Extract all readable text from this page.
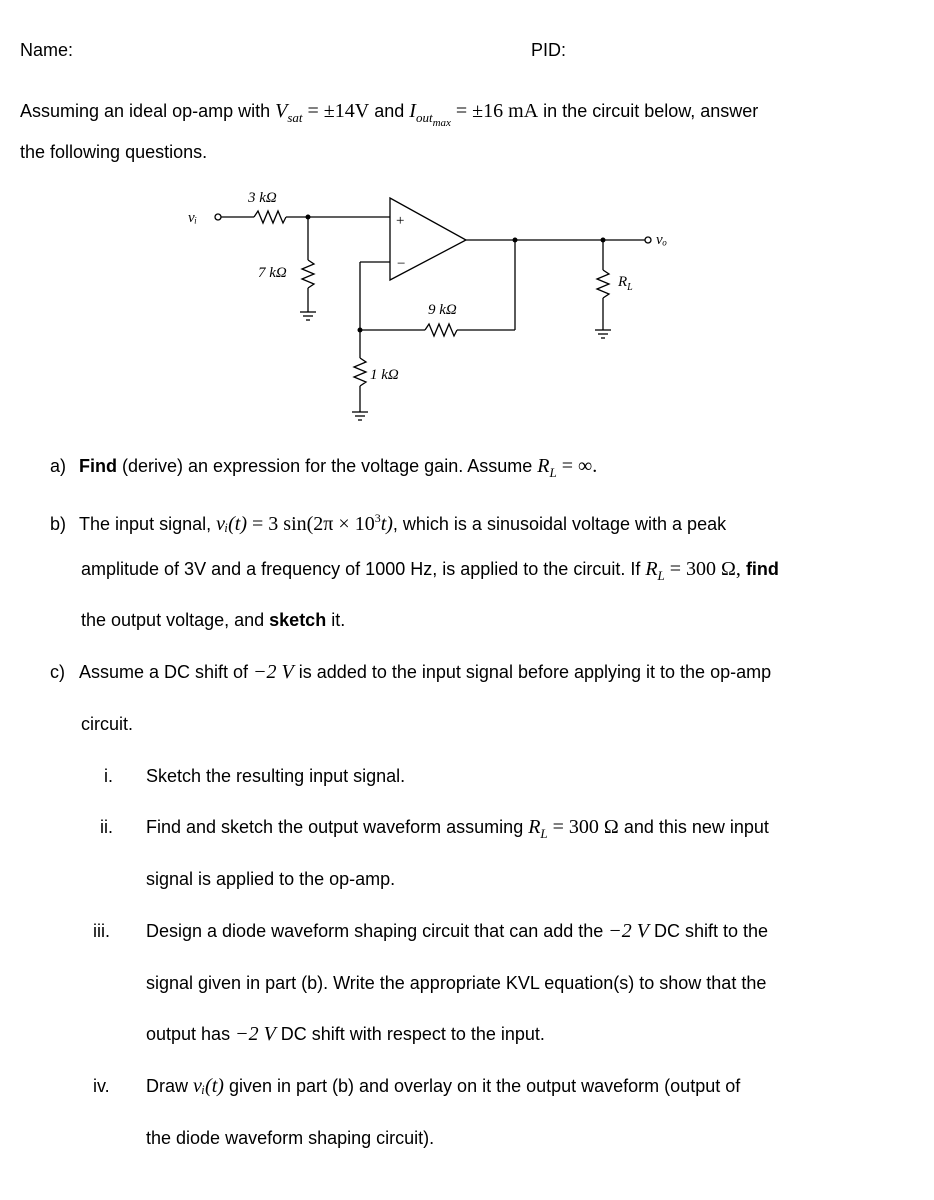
Name:	PID:
Assuming an ideal op-amp with $V_{sat} = \pm 14V$ and $I_{outmax} = \pm 16$ mA in the circuit below, answer
the following questions.
vᵢ
3 kΩ
7 kΩ
9 kΩ
1 kΩ
$R_L$
vₒ
+
−
a) Find (derive) an expression for the voltage gain. Assume $R_L$ = ∞.
b) The input signal, vᵢ(t) = 3 $\sin(2\pi \times 10^3t)$, which is a sinusoidal voltage with a peak
amplitude of 3V and a frequency of 1000 Hz, is applied to the circuit. If $R_L = 300$ Ω, find
the output voltage, and sketch it.
c) Assume a DC shift of −2 V is added to the input signal before applying it to the op-amp
circuit.
i. Sketch the resulting input signal.
ii. Find and sketch the output waveform assuming $R_L = 300$ Ω and this new input
signal is applied to the op-amp.
iii. Design a diode waveform shaping circuit that can add the −2 V DC shift to the
signal given in part (b). Write the appropriate KVL equation(s) to show that the
output has −2 V DC shift with respect to the input.
iv. Draw vᵢ(t) given in part (b) and overlay on it the output waveform (output of
the diode waveform shaping circuit).
